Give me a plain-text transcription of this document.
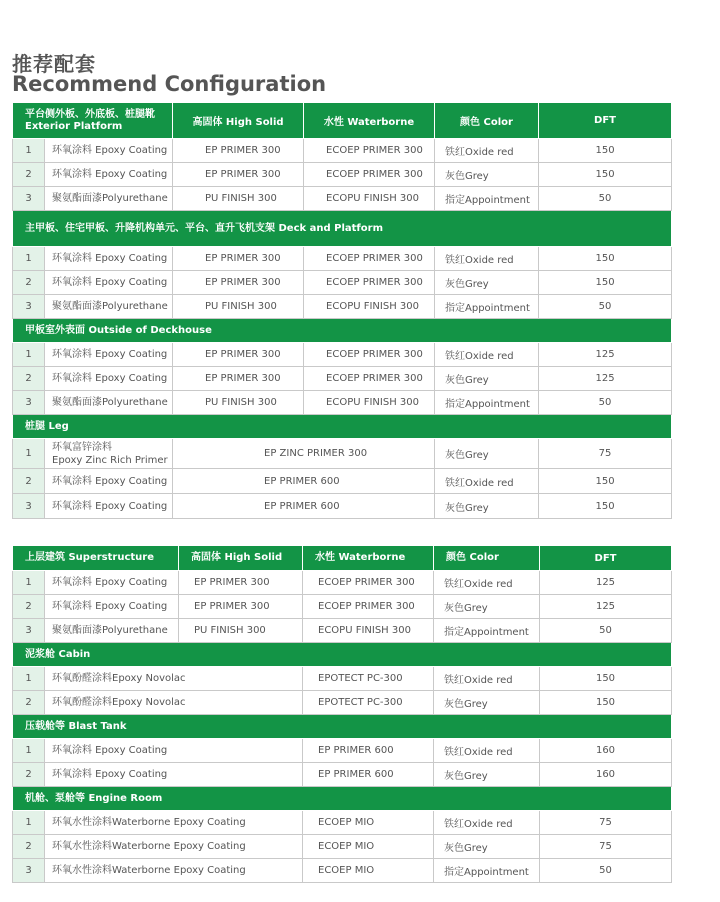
推荐配套
Recommend Configuration
平台侧外板、外底板、桩腿靴 Exterior Platform		高固体 High Solid	水性 Waterborne	颜色 Color	DFT
1	环氧涂料 Epoxy Coating	EP PRIMER 300	ECOEP PRIMER 300	铁红Oxide red	150
2	环氧涂料 Epoxy Coating	EP PRIMER 300	ECOEP PRIMER 300	灰色Grey	150
3	聚氨酯面漆Polyurethane	PU FINISH 300	ECOPU FINISH 300	指定Appointment	50
主甲板、住宅甲板、升降机构单元、平台、直升飞机支架 Deck and Platform					
1	环氧涂料 Epoxy Coating	EP PRIMER 300	ECOEP PRIMER 300	铁红Oxide red	150
2	环氧涂料 Epoxy Coating	EP PRIMER 300	ECOEP PRIMER 300	灰色Grey	150
3	聚氨酯面漆Polyurethane	PU FINISH 300	ECOPU FINISH 300	指定Appointment	50
甲板室外表面 Outside of Deckhouse					
1	环氧涂料 Epoxy Coating	EP PRIMER 300	ECOEP PRIMER 300	铁红Oxide red	125
2	环氧涂料 Epoxy Coating	EP PRIMER 300	ECOEP PRIMER 300	灰色Grey	125
3	聚氨酯面漆Polyurethane	PU FINISH 300	ECOPU FINISH 300	指定Appointment	50
桩腿 Leg					
1	环氧富锌涂料
Epoxy Zinc Rich Primer	EP ZINC PRIMER 300		灰色Grey	75
2	环氧涂料 Epoxy Coating	EP PRIMER 600		铁红Oxide red	150
3	环氧涂料 Epoxy Coating	EP PRIMER 600		灰色Grey	150
上层建筑 Superstructure		高固体 High Solid	水性 Waterborne	颜色 Color	DFT
1	环氧涂料 Epoxy Coating	EP PRIMER 300	ECOEP PRIMER 300	铁红Oxide red	125
2	环氧涂料 Epoxy Coating	EP PRIMER 300	ECOEP PRIMER 300	灰色Grey	125
3	聚氨酯面漆Polyurethane	PU FINISH 300	ECOPU FINISH 300	指定Appointment	50
泥浆舱 Cabin					
1	环氧酚醛涂料Epoxy Novolac		EPOTECT PC-300	铁红Oxide red	150
2	环氧酚醛涂料Epoxy Novolac		EPOTECT PC-300	灰色Grey	150
压载舱等 Blast Tank					
1	环氧涂料 Epoxy Coating		EP PRIMER 600	铁红Oxide red	160
2	环氧涂料 Epoxy Coating		EP PRIMER 600	灰色Grey	160
机舱、泵舱等 Engine Room					
1	环氧水性涂料Waterborne Epoxy Coating		ECOEP MIO	铁红Oxide red	75
2	环氧水性涂料Waterborne Epoxy Coating		ECOEP MIO	灰色Grey	75
3	环氧水性涂料Waterborne Epoxy Coating		ECOEP MIO	指定Appointment	50
